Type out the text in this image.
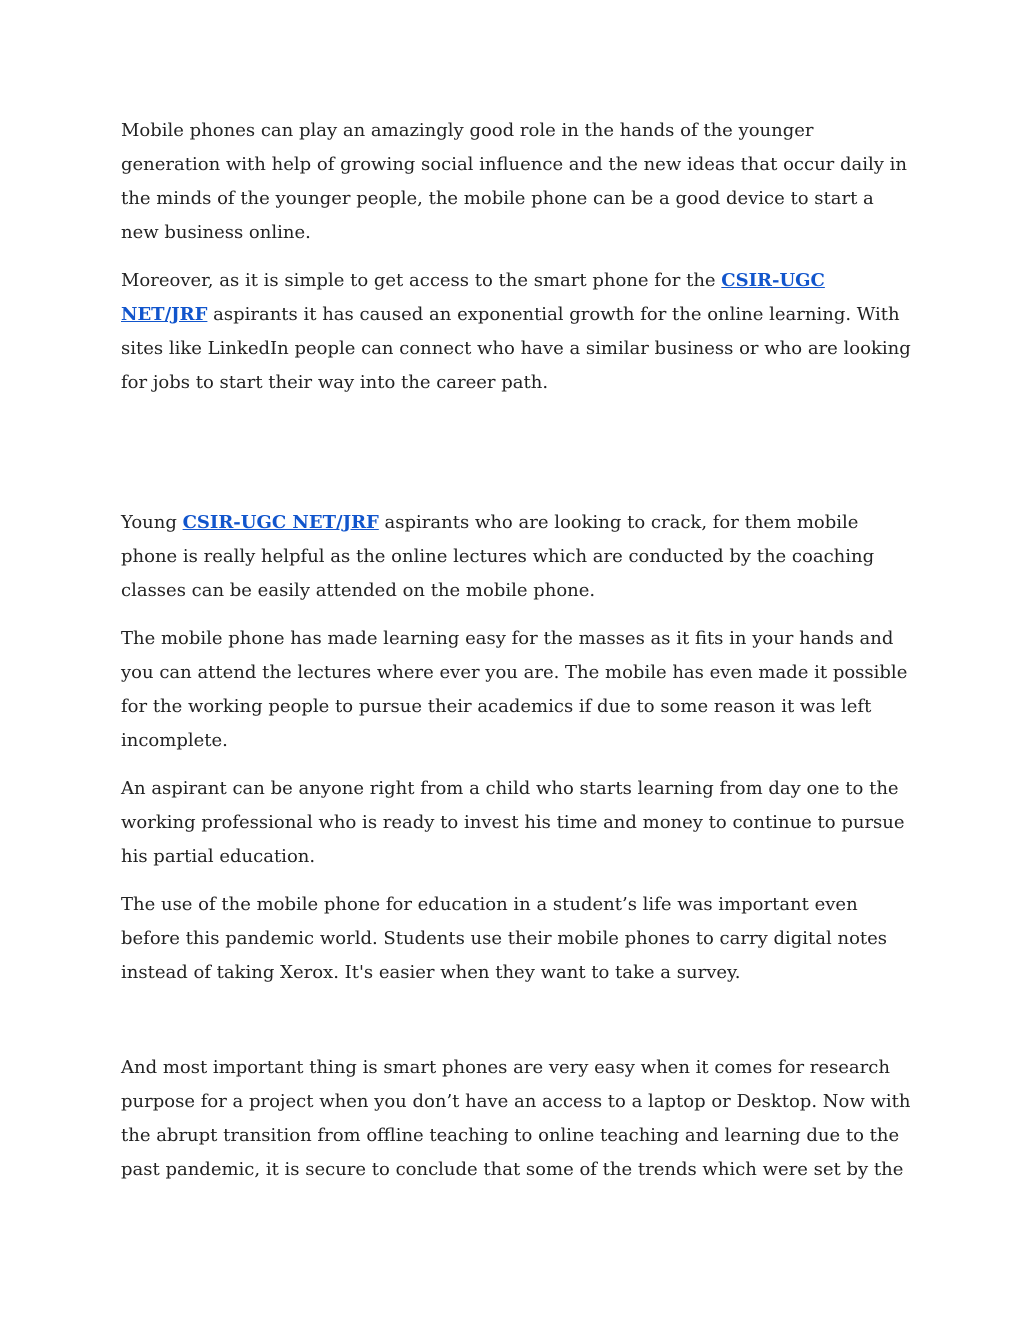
Mobile phones can play an amazingly good role in the hands of the younger generation with help of growing social influence and the new ideas that occur daily in the minds of the younger people, the mobile phone can be a good device to start a new business online.

Moreover, as it is simple to get access to the smart phone for the CSIR-UGC NET/JRF aspirants it has caused an exponential growth for the online learning. With sites like LinkedIn people can connect who have a similar business or who are looking for jobs to start their way into the career path.

Young CSIR-UGC NET/JRF aspirants who are looking to crack, for them mobile phone is really helpful as the online lectures which are conducted by the coaching classes can be easily attended on the mobile phone.

The mobile phone has made learning easy for the masses as it fits in your hands and you can attend the lectures where ever you are. The mobile has even made it possible for the working people to pursue their academics if due to some reason it was left incomplete.

An aspirant can be anyone right from a child who starts learning from day one to the working professional who is ready to invest his time and money to continue to pursue his partial education.

The use of the mobile phone for education in a student’s life was important even before this pandemic world. Students use their mobile phones to carry digital notes instead of taking Xerox. It's easier when they want to take a survey.

And most important thing is smart phones are very easy when it comes for research purpose for a project when you don’t have an access to a laptop or Desktop. Now with the abrupt transition from offline teaching to online teaching and learning due to the past pandemic, it is secure to conclude that some of the trends which were set by the
